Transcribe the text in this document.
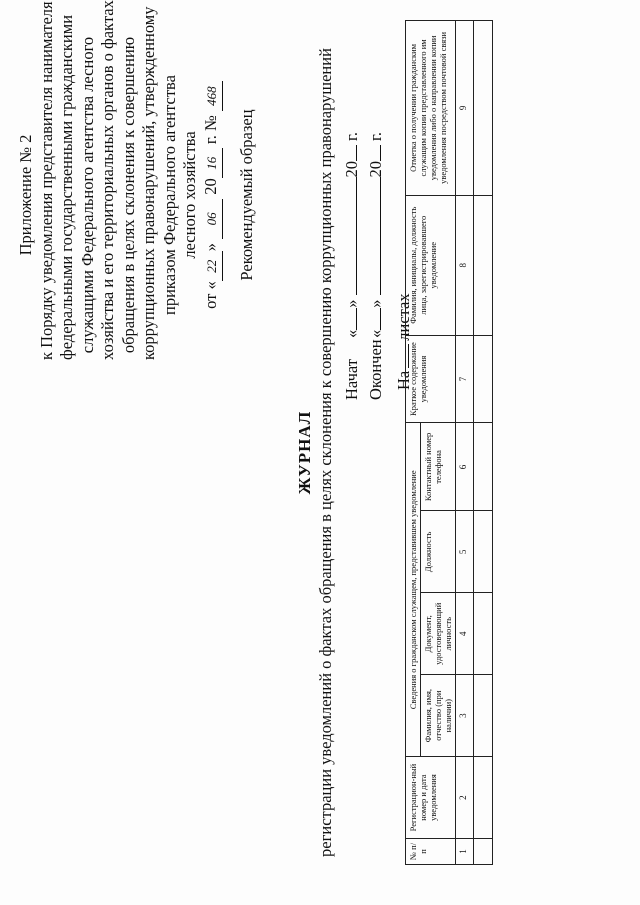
Приложение № 2 к Порядку уведомления представителя нанимателя федеральными государственными гражданскими служащими Федерального агентства лесного хозяйства и его территориальных органов о фактах обращения в целях склонения к совершению коррупционных правонарушений, утвержденному приказом Федерального агентства лесного хозяйства
от «22» 06 2016 г. № 468
Рекомендуемый образец
ЖУРНАЛ регистрации уведомлений о фактах обращения в целях склонения к совершению коррупционных правонарушений Начат
«
»
20
г.
Окончен
«
»
20
г.
На
листах
№ п/п	Регистрацион-ный номер и дата уведомления	Сведения о гражданском служащем, представившем уведомление				Краткое содержание уведомления	Фамилия, инициалы, должность лица, зарегистрировавшего уведомление	Отметка о получении гражданским служащим копии представленного им уведомления либо о направлении копии уведомления посредством почтовой связи
		Фамилия, имя, отчество (при наличии)	Документ, удостоверяющий личность	Должность	Контактный номер телефона			
1	2	3	4	5	6	7	8	9
